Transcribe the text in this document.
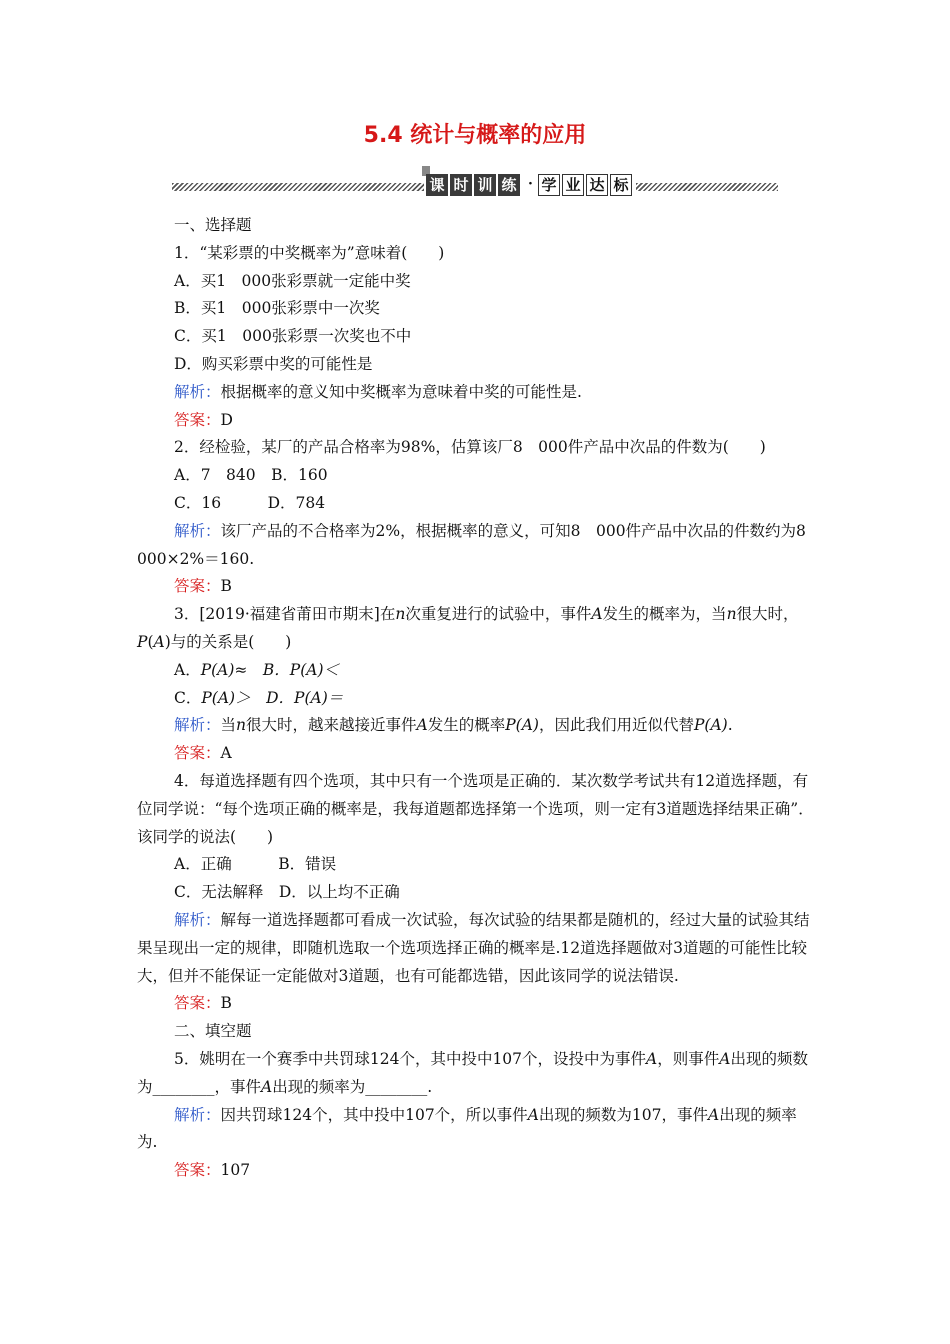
5.4 统计与概率的应用
课 时 训 练 · 学 业 达 标

一、选择题

1．“某彩票的中奖概率为”意味着(　　)

A．买1　000张彩票就一定能中奖

B．买1　000张彩票中一次奖

C．买1　000张彩票一次奖也不中

D．购买彩票中奖的可能性是

解析：根据概率的意义知中奖概率为意味着中奖的可能性是.

答案：D

2．经检验，某厂的产品合格率为98%，估算该厂8　000件产品中次品的件数为(　　)

A．7　840　B．160

C．16　　　D．784

解析：该厂产品的不合格率为2%，根据概率的意义，可知8　000件产品中次品的件数约为8　000×2%＝160.

答案：B

3．[2019·福建省莆田市期末]在n次重复进行的试验中，事件A发生的概率为，当n很大时，P(A)与的关系是(　　)

A．P(A)≈　B．P(A)＜

C．P(A)＞　D．P(A)＝

解析：当n很大时，越来越接近事件A发生的概率P(A)，因此我们用近似代替P(A).

答案：A

4．每道选择题有四个选项，其中只有一个选项是正确的．某次数学考试共有12道选择题，有位同学说：“每个选项正确的概率是，我每道题都选择第一个选项，则一定有3道题选择结果正确”．该同学的说法(　　)

A．正确　　　B．错误

C．无法解释　D．以上均不正确

解析：解每一道选择题都可看成一次试验，每次试验的结果都是随机的，经过大量的试验其结果呈现出一定的规律，即随机选取一个选项选择正确的概率是.12道选择题做对3道题的可能性比较大，但并不能保证一定能做对3道题，也有可能都选错，因此该同学的说法错误.

答案：B

二、填空题

5．姚明在一个赛季中共罚球124个，其中投中107个，设投中为事件A，则事件A出现的频数为________，事件A出现的频率为________.

解析：因共罚球124个，其中投中107个，所以事件A出现的频数为107，事件A出现的频率为.

答案：107
